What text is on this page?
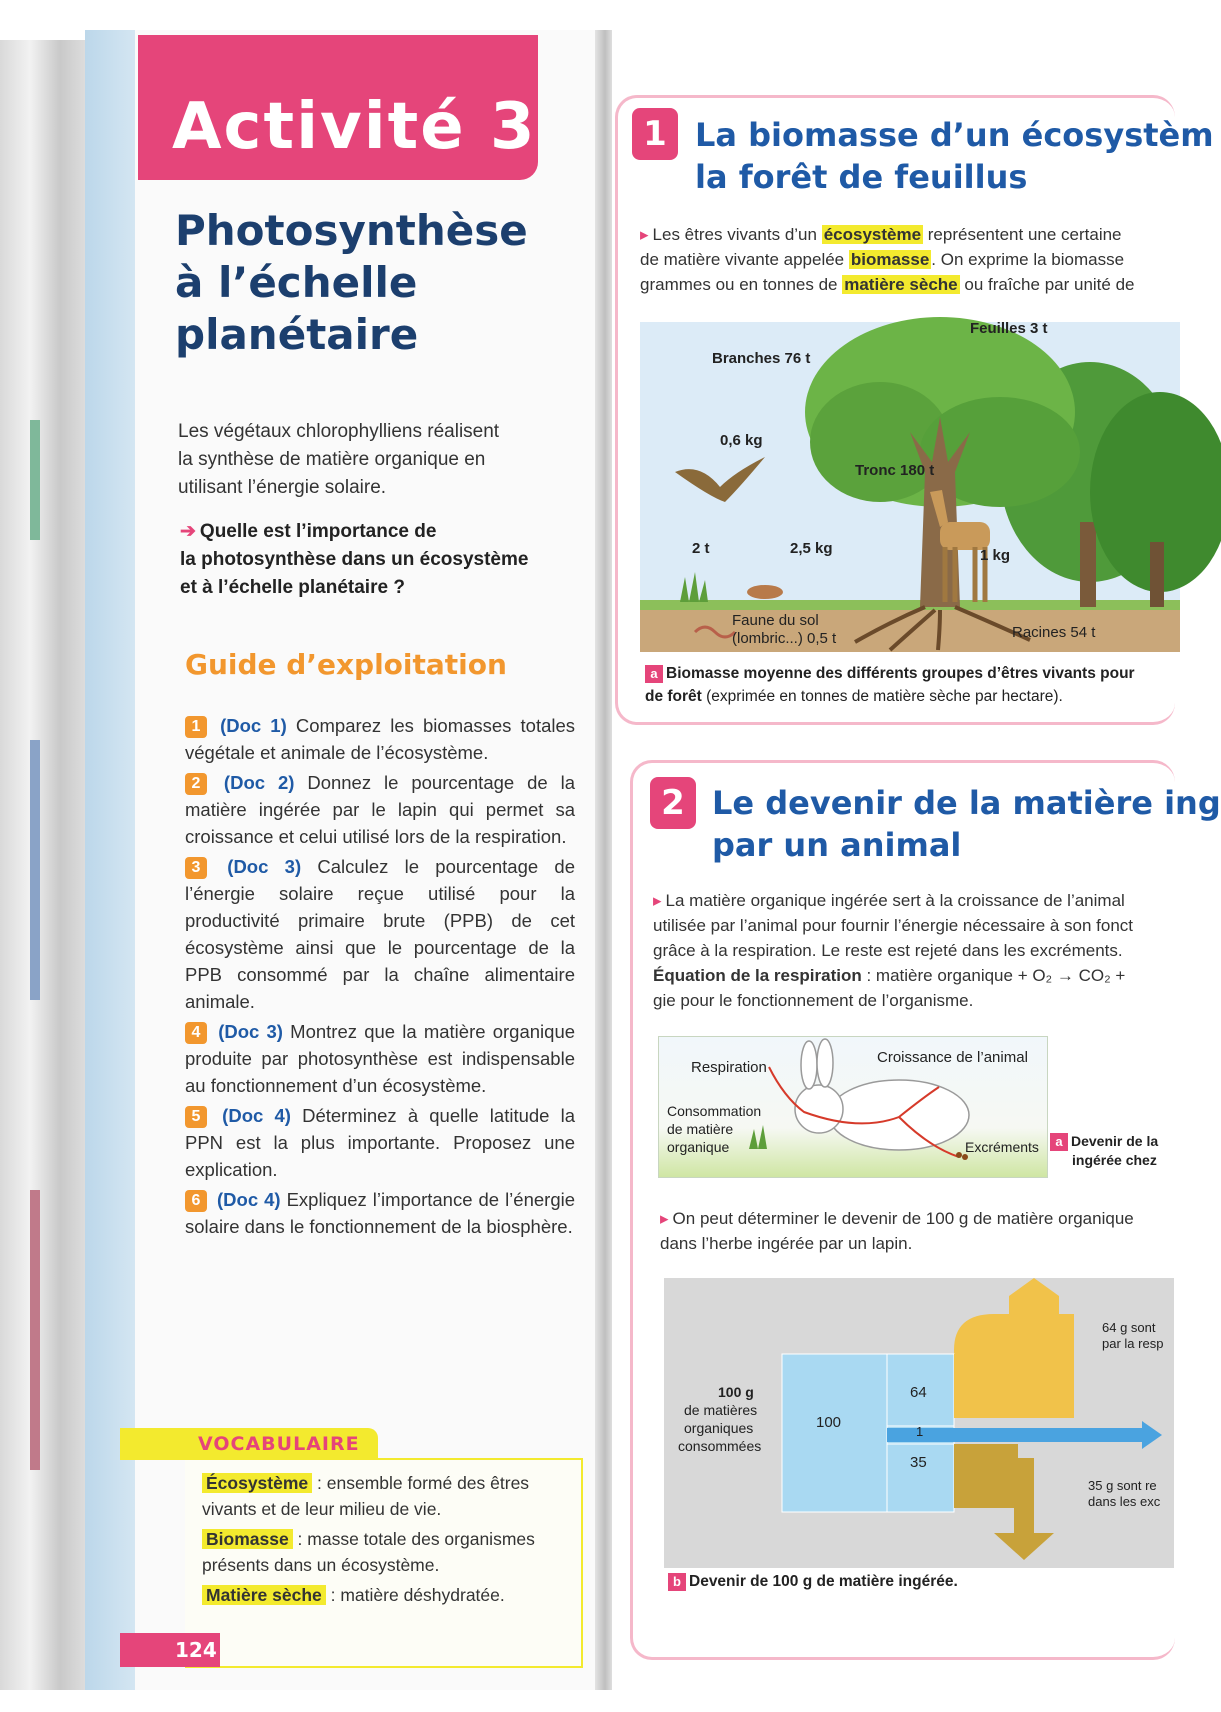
Activité 3
Photosynthèse
à l’échelle
planétaire
Les végétaux chlorophylliens réalisent
la synthèse de matière organique en
utilisant l’énergie solaire.
➔ Quelle est l’importance de
la photosynthèse dans un écosystème
et à l’échelle planétaire ?
Guide d’exploitation
1 (Doc 1) Comparez les biomasses totales végétale et animale de l’écosystème.
2 (Doc 2) Donnez le pourcentage de la matière ingérée par le lapin qui permet sa croissance et celui utilisé lors de la respiration.
3 (Doc 3) Calculez le pourcentage de l’énergie solaire reçue utilisé pour la productivité primaire brute (PPB) de cet écosystème ainsi que le pourcentage de la PPB consommé par la chaîne alimentaire animale.
4 (Doc 3) Montrez que la matière organique produite par photosynthèse est indispensable au fonctionnement d’un écosystème.
5 (Doc 4) Déterminez à quelle latitude la PPN est la plus importante. Proposez une explication.
6 (Doc 4) Expliquez l’importance de l’énergie solaire dans le fonctionnement de la biosphère.
VOCABULAIRE
Écosystème : ensemble formé des êtres vivants et de leur milieu de vie.
Biomasse : masse totale des organismes présents dans un écosystème.
Matière sèche : matière déshydratée.
124
1 La biomasse d’un écosystèm
la forêt de feuillus
▸ Les êtres vivants d’un écosystème représentent une certaine
de matière vivante appelée biomasse . On exprime la biomasse
grammes ou en tonnes de matière sèche ou fraîche par unité de
Feuilles 3 t
Branches 76 t
0,6 kg
Tronc 180 t
1 kg
2 t	2,5 kg
Faune du sol
(lombric...) 0,5 t	Racines 54 t
a Biomasse moyenne des différents groupes d’êtres vivants pour
de forêt (exprimée en tonnes de matière sèche par hectare).
2 Le devenir de la matière ing
par un animal
▸ La matière organique ingérée sert à la croissance de l’animal
utilisée par l’animal pour fournir l’énergie nécessaire à son fonct
grâce à la respiration. Le reste est rejeté dans les excréments.
Équation de la respiration : matière organique + O₂ → CO₂ +
gie pour le fonctionnement de l’organisme.
Respiration
Croissance de l’animal
Consommation
de matière
organique	Excréments	a Devenir de la
ingérée chez
▸ On peut déterminer le devenir de 100 g de matière organique
dans l’herbe ingérée par un lapin.
100 g
de matières
organiques
consommées
100
64
1
35
64 g sont
par la resp
35 g sont re
dans les exc
b Devenir de 100 g de matière ingérée.
